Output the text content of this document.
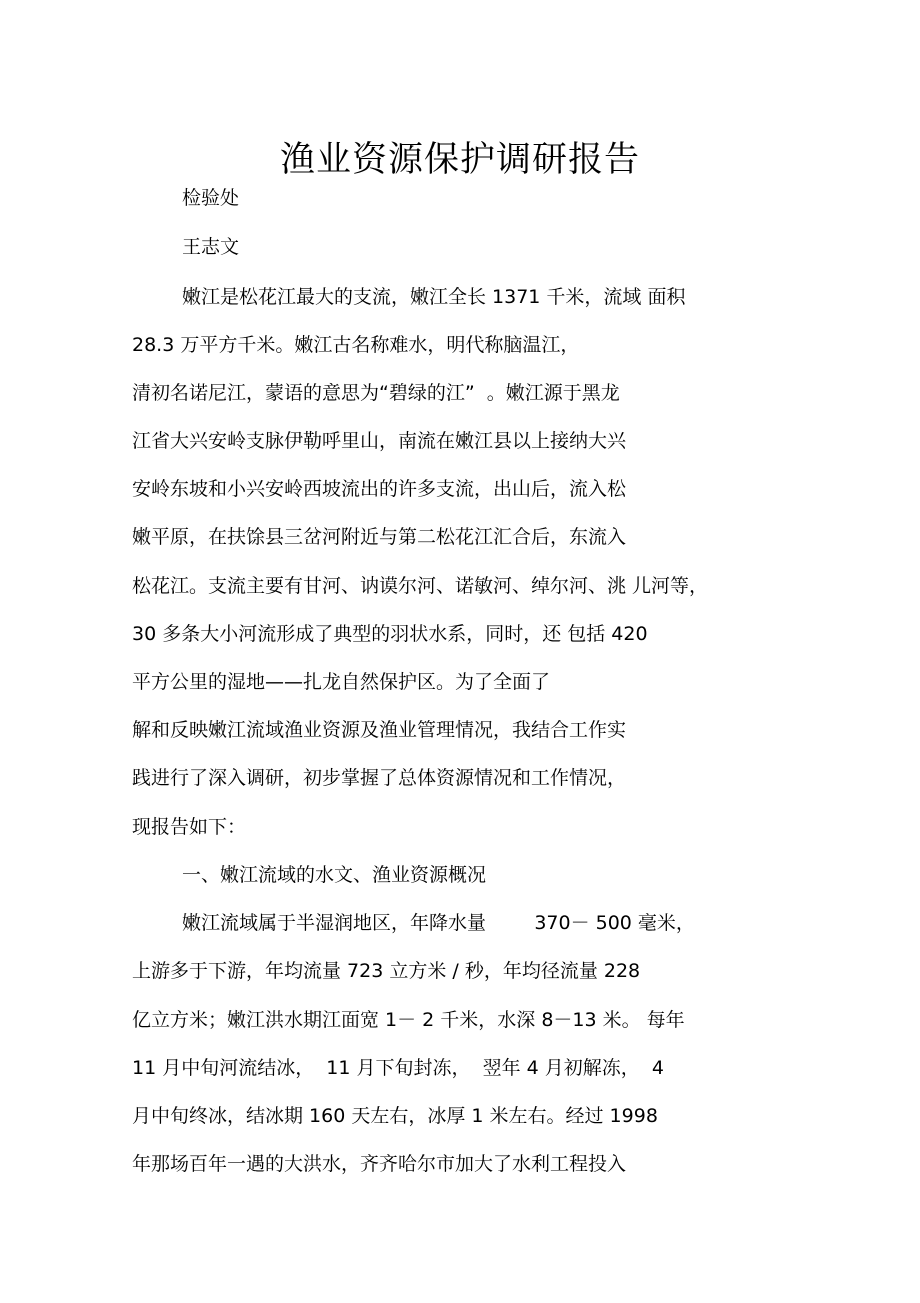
渔业资源保护调研报告
检验处
王志文
嫩江是松花江最大的支流，嫩江全长 1371 千米，流域 面积
28.3 万平方千米。嫩江古名称难水，明代称脑温江，
清初名诺尼江，蒙语的意思为“碧绿的江”  。嫩江源于黑龙
江省大兴安岭支脉伊勒呼里山，南流在嫩江县以上接纳大兴
安岭东坡和小兴安岭西坡流出的许多支流，出山后，流入松
嫩平原，在扶馀县三岔河附近与第二松花江汇合后，东流入
松花江。支流主要有甘河、讷谟尔河、诺敏河、绰尔河、洮 儿河等，
30 多条大小河流形成了典型的羽状水系，同时，还 包括 420
平方公里的湿地——扎龙自然保护区。为了全面了
解和反映嫩江流域渔业资源及渔业管理情况，我结合工作实
践进行了深入调研，初步掌握了总体资源情况和工作情况，
现报告如下：
一、嫩江流域的水文、渔业资源概况
嫩江流域属于半湿润地区，年降水量        370－ 500 毫米，
上游多于下游，年均流量 723 立方米 / 秒，年均径流量 228
亿立方米；嫩江洪水期江面宽 1－ 2 千米，水深 8－13 米。 每年
11 月中旬河流结冰，  11 月下旬封冻，  翌年 4 月初解冻，  4
月中旬终冰，结冰期 160 天左右，冰厚 1 米左右。经过 1998
年那场百年一遇的大洪水，齐齐哈尔市加大了水利工程投入
